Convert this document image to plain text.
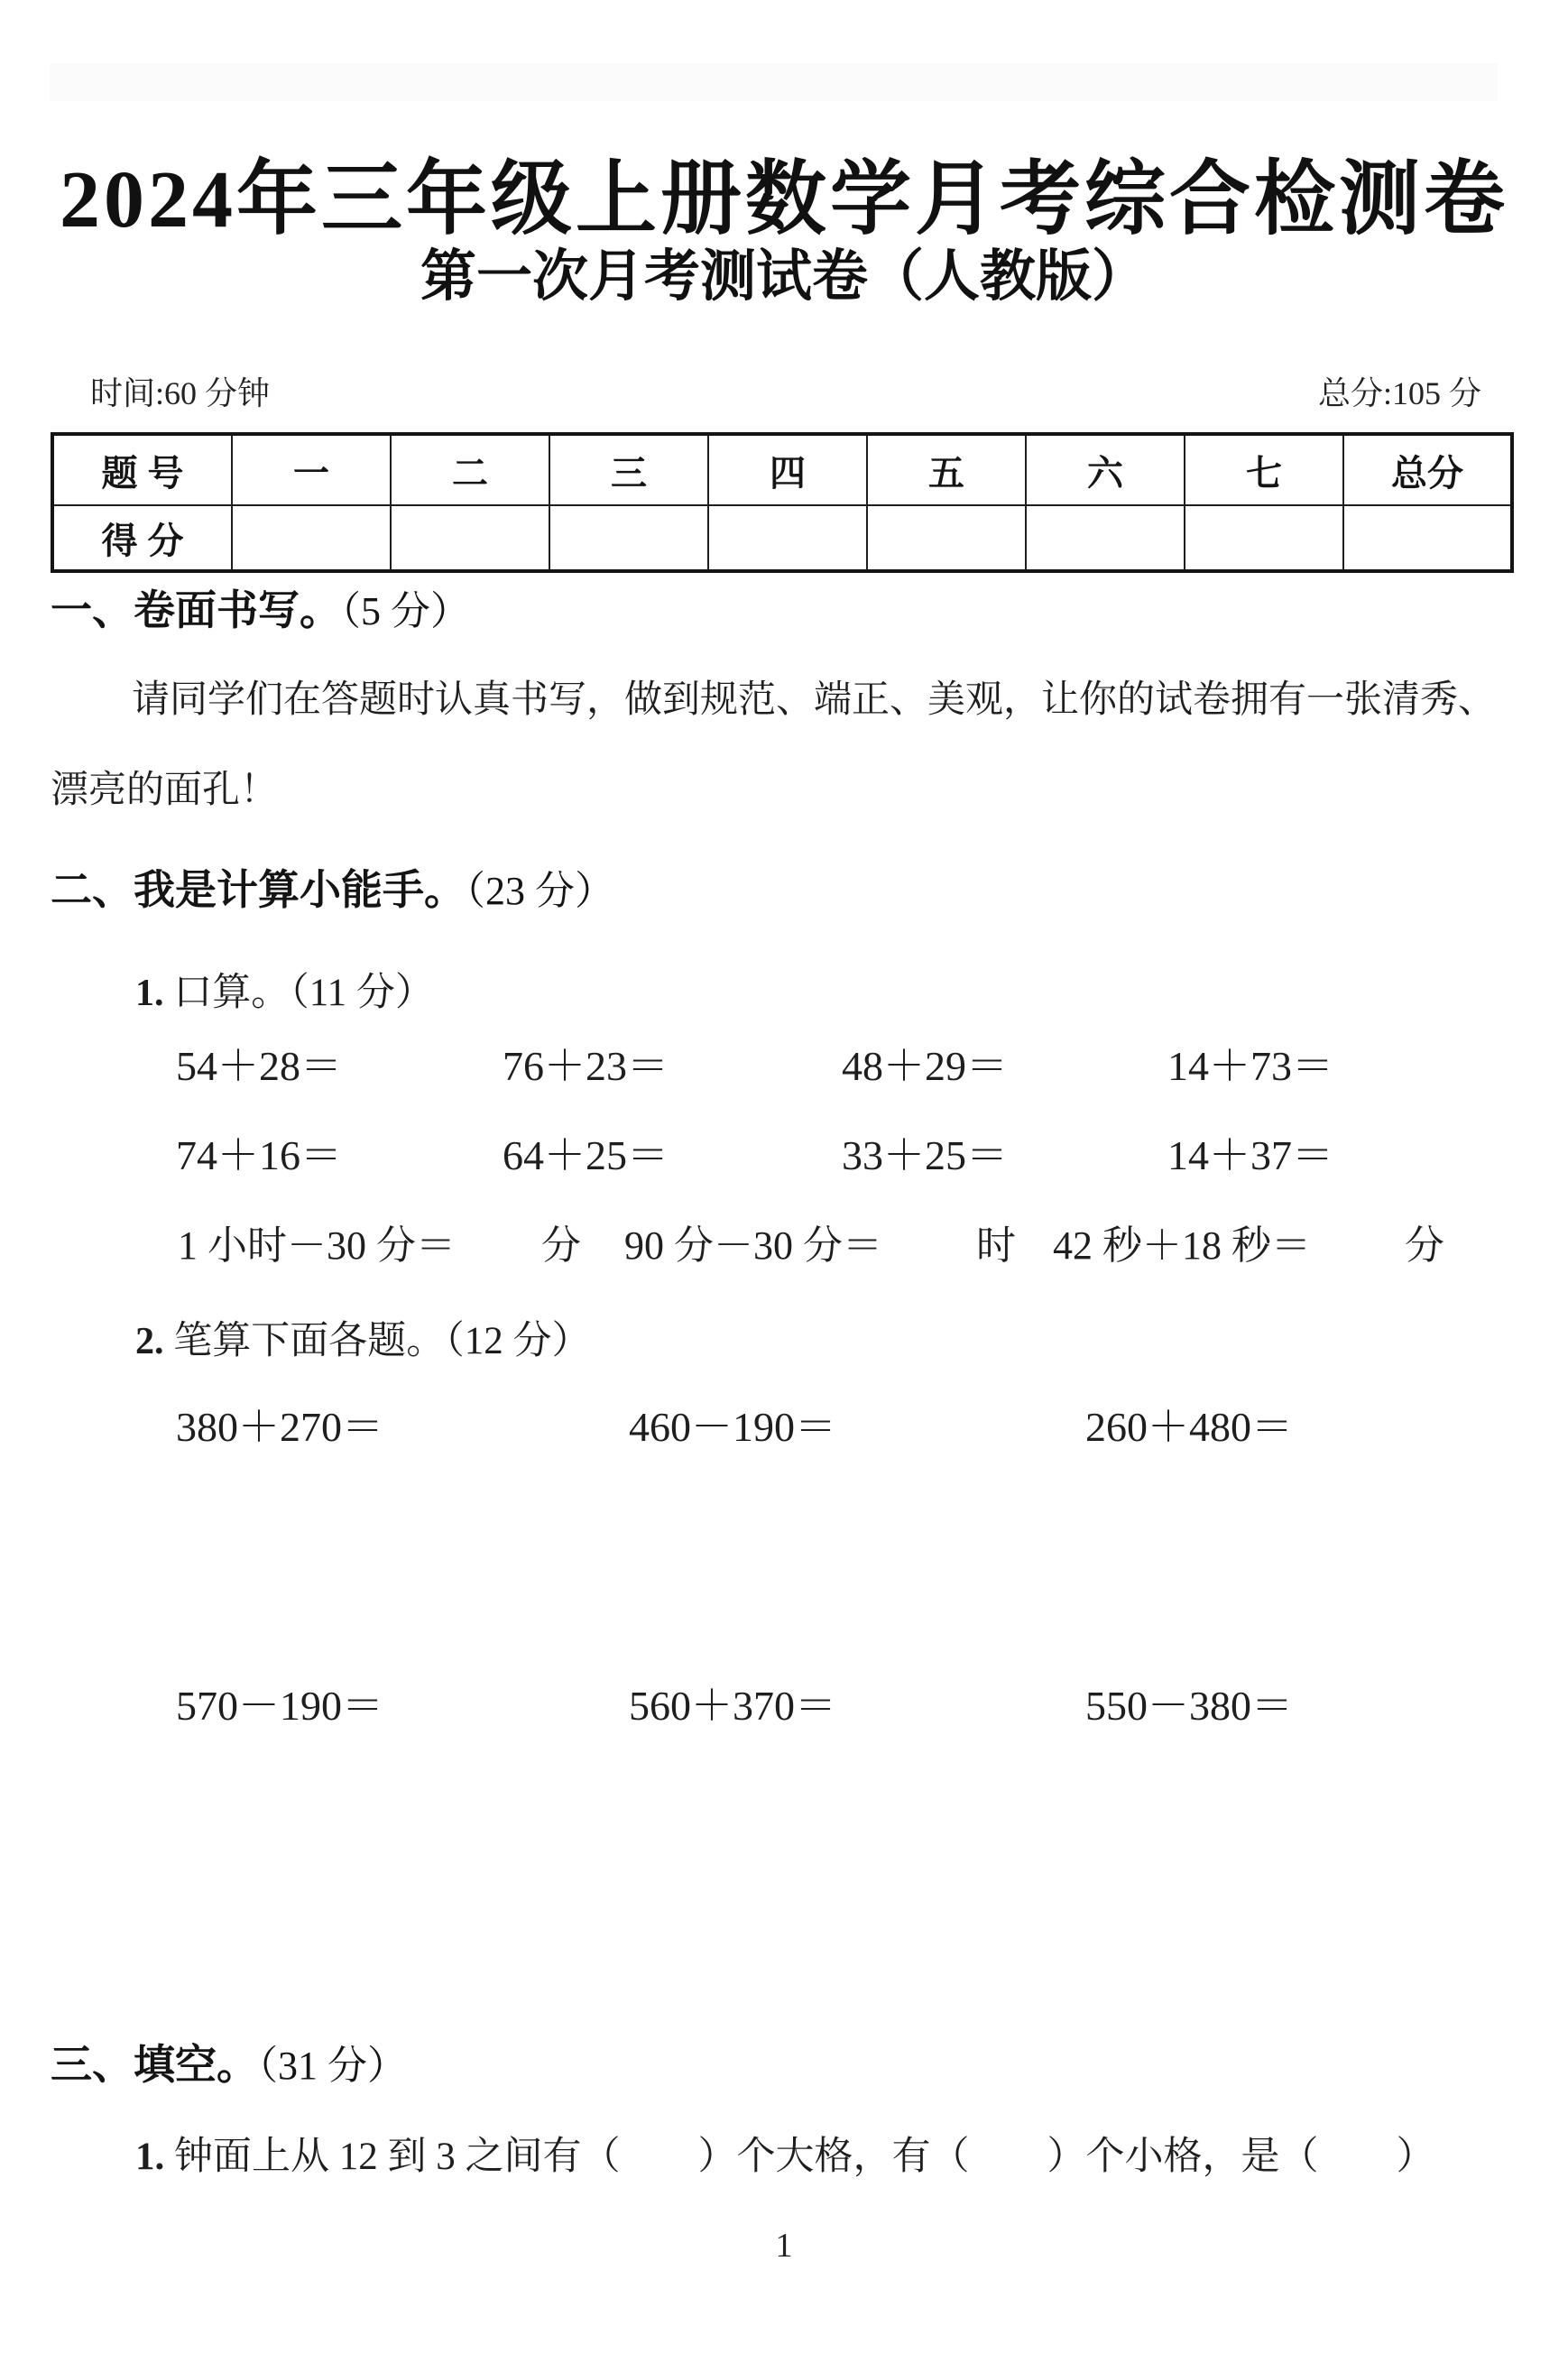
2024年三年级上册数学月考综合检测卷
第一次月考测试卷（人教版）
时间:60 分钟	总分:105 分
题 号	一	二	三	四	五	六	七	总分
得 分								
一、卷面书写。（5 分）
请同学们在答题时认真书写，做到规范、端正、美观，让你的试卷拥有一张清秀、
漂亮的面孔！
二、我是计算小能手。（23 分）
1. 口算。（11 分）
54＋28＝	76＋23＝	48＋29＝	14＋73＝
74＋16＝	64＋25＝	33＋25＝	14＋37＝
1 小时－30 分＝ 分 90 分－30 分＝ 时 42 秒＋18 秒＝ 分
2. 笔算下面各题。（12 分）
380＋270＝	460－190＝	260＋480＝
570－190＝	560＋370＝	550－380＝
三、填空。（31 分）
1. 钟面上从 12 到 3 之间有（　　）个大格，有（　　）个小格，是（　　）
1
